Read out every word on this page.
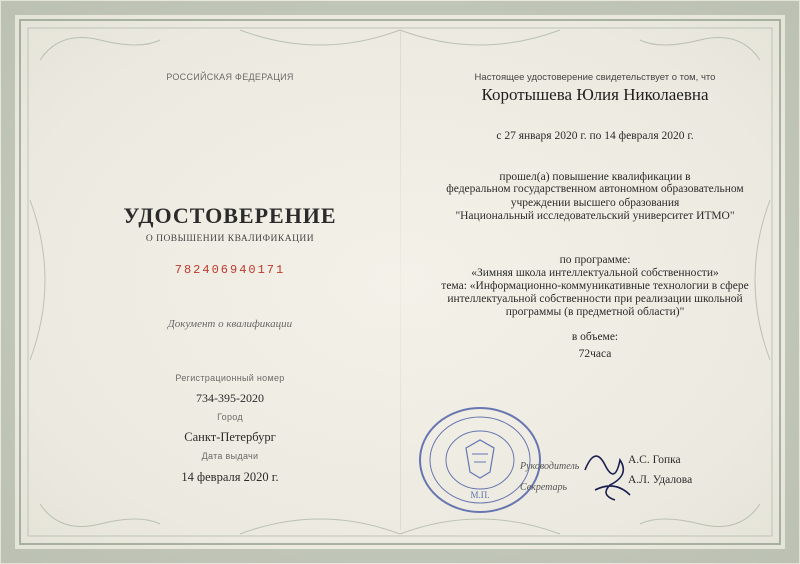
РОССИЙСКАЯ ФЕДЕРАЦИЯ
УДОСТОВЕРЕНИЕ
О ПОВЫШЕНИИ КВАЛИФИКАЦИИ
782406940171
Документ о квалификации
Регистрационный номер
734-395-2020
Город
Санкт-Петербург
Дата выдачи
14 февраля 2020 г.
Настоящее удостоверение свидетельствует о том, что
Коротышева Юлия Николаевна
с 27 января 2020 г. по 14 февраля 2020 г.
прошел(а) повышение квалификации в
федеральном государственном автономном образовательном
учреждении высшего образования
"Национальный исследовательский университет ИТМО"
по программе:
«Зимняя школа интеллектуальной собственности»
тема: «Информационно-коммуникативные технологии в сфере
интеллектуальной собственности при реализации школьной
программы (в предметной области)"
в объеме:
72часа
М.П.
Руководитель
Секретарь
А.С. Гопка
А.Л. Удалова
